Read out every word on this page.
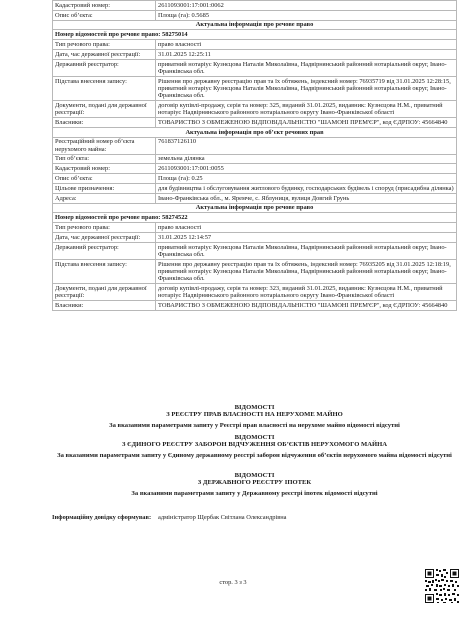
Кадастровий номер:	2611093001:17:001:0062
Опис об’єкта:	Площа (га): 0.5685
Актуальна інформація про речове право	
Номер відомостей про речове право: 58275014	
Тип речового права:	право власності
Дата, час державної реєстрації:	31.01.2025 12:25:11
Державний реєстратор:	приватний нотаріус Кузнєцова Наталія Миколаївна, Надвірнянський районний нотаріальний округ, Івано-Франківська обл.
Підстава внесення запису:	Рішення про державну реєстрацію прав та їх обтяжень, індексний номер: 76935719 від 31.01.2025 12:28:15, приватний нотаріус Кузнєцова Наталія Миколаївна, Надвірнянський районний нотаріальний округ, Івано-Франківська обл.
Документи, подані для державної реєстрації:	договір купівлі-продажу, серія та номер: 325, виданий 31.01.2025, видавник: Кузнєцова Н.М., приватний нотаріус Надвірнянського районного нотаріального округу Івано-Франківської області
Власники:	ТОВАРИСТВО З ОБМЕЖЕНОЮ ВІДПОВІДАЛЬНІСТЮ "ШАМОНІ ПРЕМ'ЄР", код ЄДРПОУ: 45664840
Актуальна інформація про об’єкт речових прав	
Реєстраційний номер об’єкта нерухомого майна:	761837126110
Тип об’єкта:	земельна ділянка
Кадастровий номер:	2611093001:17:001:0055
Опис об’єкта:	Площа (га): 0.25
Цільове призначення:	для будівництва і обслуговування житлового будинку, господарських будівель і споруд (присадибна ділянка)
Адреса:	Івано-Франківська обл., м. Яремче, с. Яблуниця, вулиця Довгий Грунь
Актуальна інформація про речове право	
Номер відомостей про речове право: 58274522	
Тип речового права:	право власності
Дата, час державної реєстрації:	31.01.2025 12:14:57
Державний реєстратор:	приватний нотаріус Кузнєцова Наталія Миколаївна, Надвірнянський районний нотаріальний округ, Івано-Франківська обл.
Підстава внесення запису:	Рішення про державну реєстрацію прав та їх обтяжень, індексний номер: 76935205 від 31.01.2025 12:18:19, приватний нотаріус Кузнєцова Наталія Миколаївна, Надвірнянський районний нотаріальний округ, Івано-Франківська обл.
Документи, подані для державної реєстрації:	договір купівлі-продажу, серія та номер: 323, виданий 31.01.2025, видавник: Кузнєцова Н.М., приватний нотаріус Надвірнянського районного нотаріального округу Івано-Франківської області
Власники:	ТОВАРИСТВО З ОБМЕЖЕНОЮ ВІДПОВІДАЛЬНІСТЮ "ШАМОНІ ПРЕМ'ЄР", код ЄДРПОУ: 45664840
ВІДОМОСТІ
З РЕЄСТРУ ПРАВ ВЛАСНОСТІ НА НЕРУХОМЕ МАЙНО
За вказаними параметрами запиту у Реєстрі прав власності на нерухоме майно відомості відсутні
ВІДОМОСТІ
З ЄДИНОГО РЕЄСТРУ ЗАБОРОН ВІДЧУЖЕННЯ ОБ’ЄКТІВ НЕРУХОМОГО МАЙНА
За вказаними параметрами запиту у Єдиному державному реєстрі заборон відчуження об’єктів нерухомого майна відомості відсутні
ВІДОМОСТІ
З ДЕРЖАВНОГО РЕЄСТРУ ІПОТЕК
За вказаними параметрами запиту у Державному реєстрі іпотек відомості відсутні
Інформаційну довідку сформував: адміністратор Щербак Світлана Олександрівна
стор. 3 з 3
